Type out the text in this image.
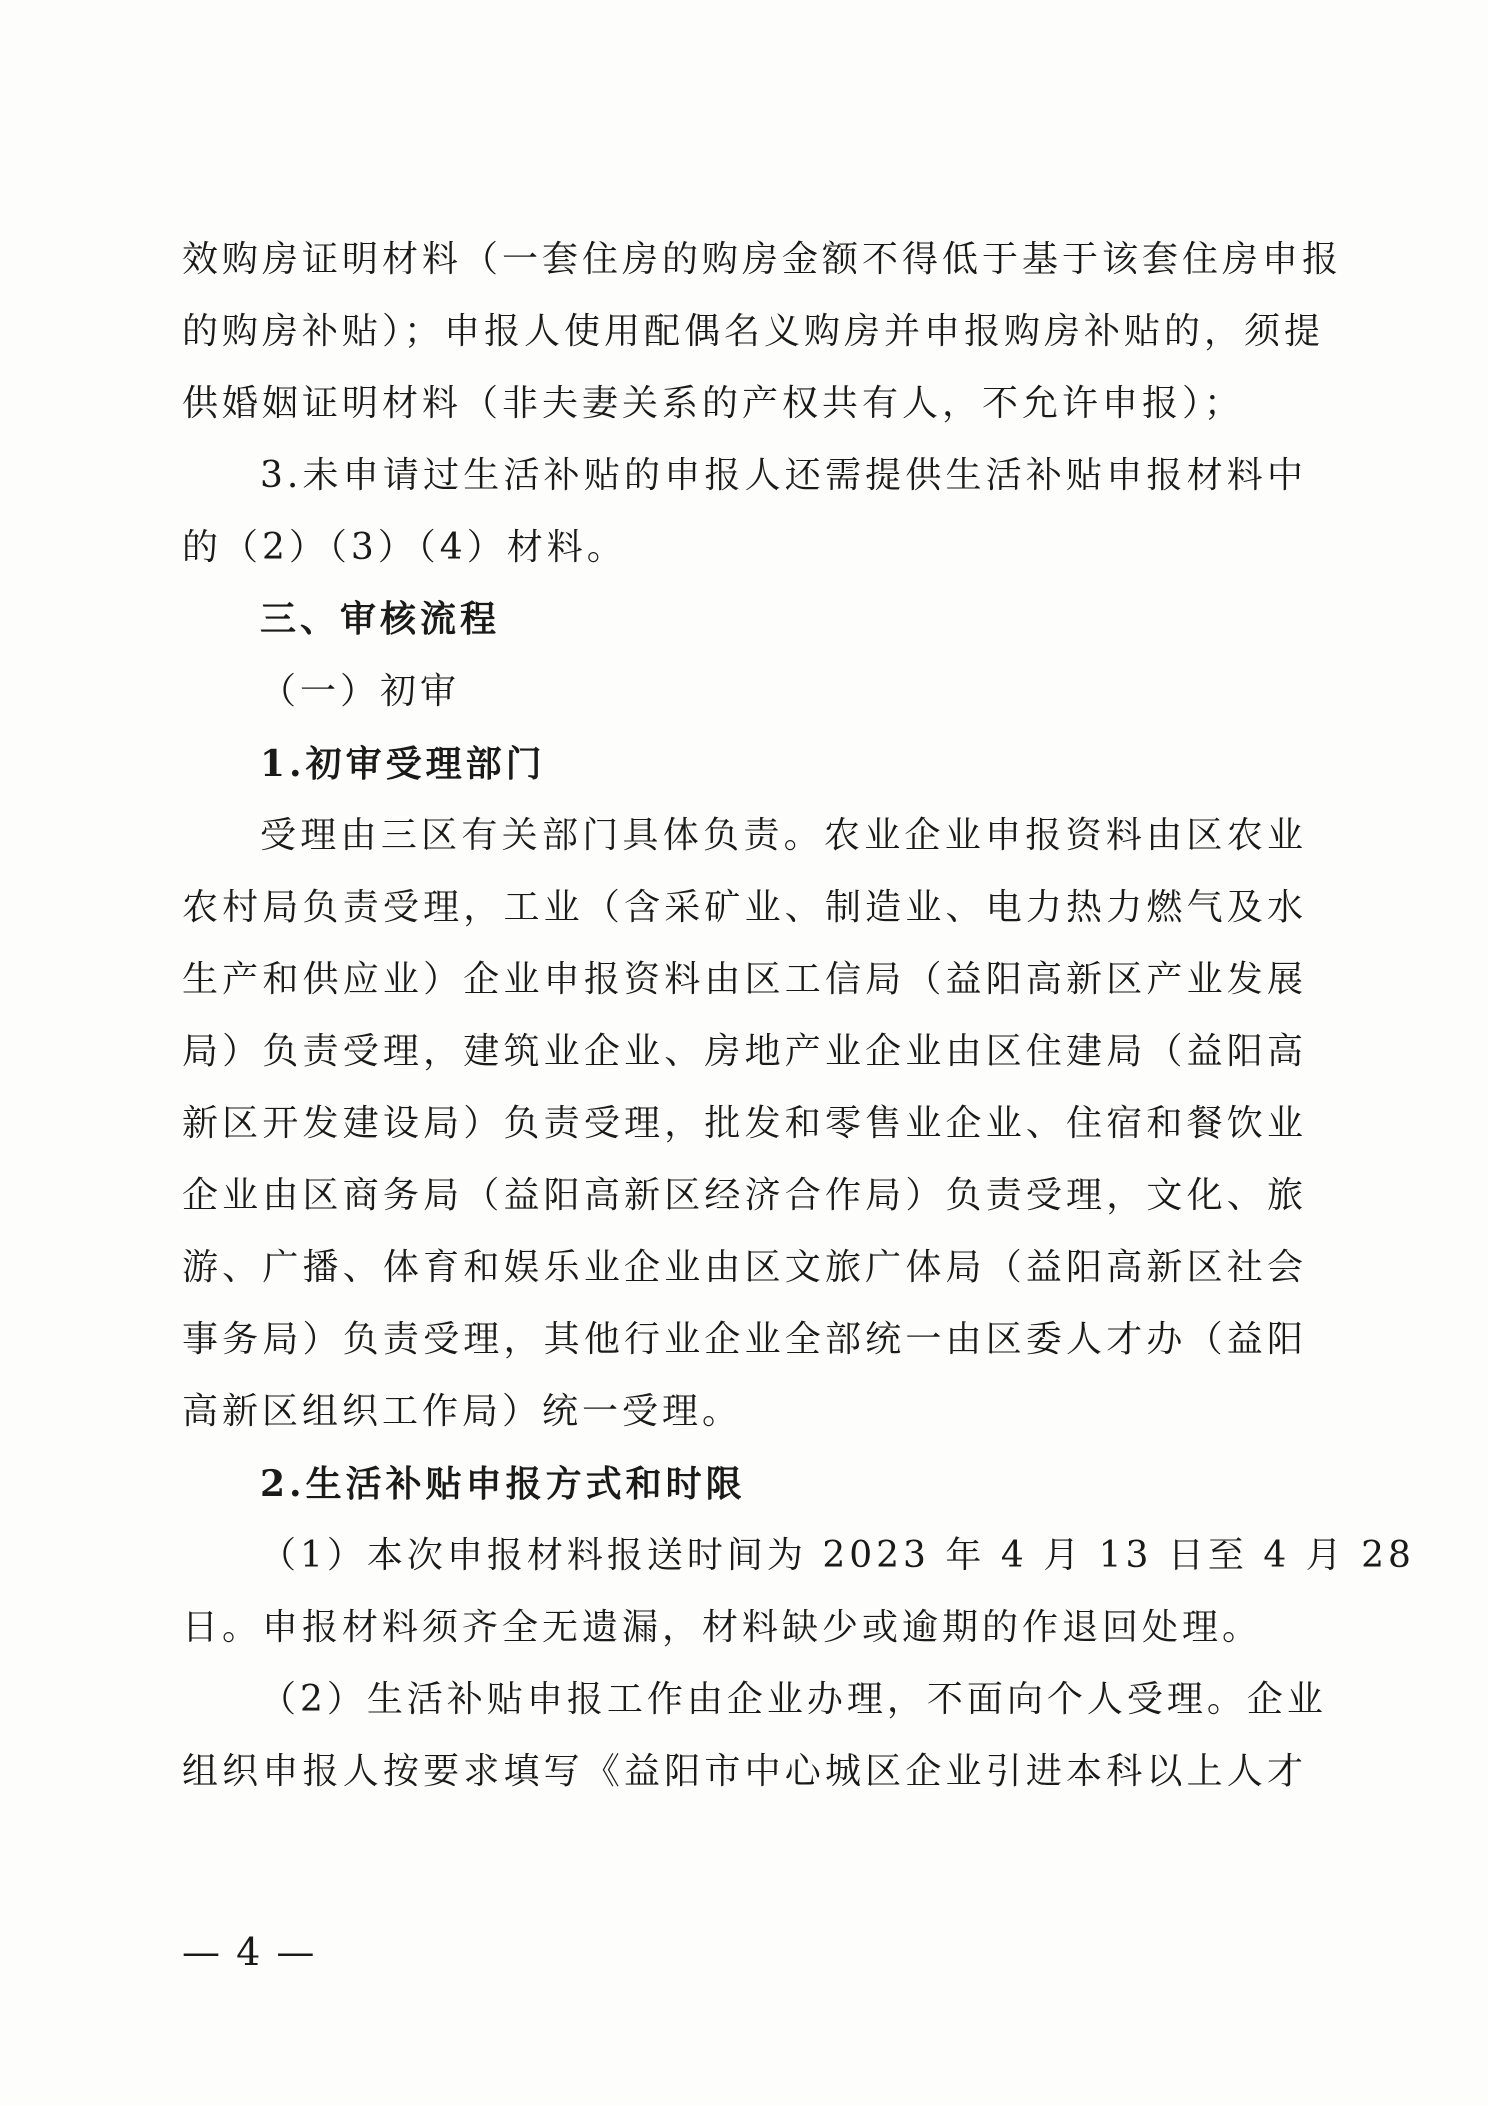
效购房证明材料（一套住房的购房金额不得低于基于该套住房申报
的购房补贴）；申报人使用配偶名义购房并申报购房补贴的，须提
供婚姻证明材料（非夫妻关系的产权共有人，不允许申报）；
3.未申请过生活补贴的申报人还需提供生活补贴申报材料中
的（2）（3）（4）材料。
三、审核流程
（一）初审
1.初审受理部门
受理由三区有关部门具体负责。农业企业申报资料由区农业
农村局负责受理，工业（含采矿业、制造业、电力热力燃气及水
生产和供应业）企业申报资料由区工信局（益阳高新区产业发展
局）负责受理，建筑业企业、房地产业企业由区住建局（益阳高
新区开发建设局）负责受理，批发和零售业企业、住宿和餐饮业
企业由区商务局（益阳高新区经济合作局）负责受理，文化、旅
游、广播、体育和娱乐业企业由区文旅广体局（益阳高新区社会
事务局）负责受理，其他行业企业全部统一由区委人才办（益阳
高新区组织工作局）统一受理。
2.生活补贴申报方式和时限
（1）本次申报材料报送时间为 2023 年 4 月 13 日至 4 月 28
日。申报材料须齐全无遗漏，材料缺少或逾期的作退回处理。
（2）生活补贴申报工作由企业办理，不面向个人受理。企业
组织申报人按要求填写《益阳市中心城区企业引进本科以上人才
— 4 —
